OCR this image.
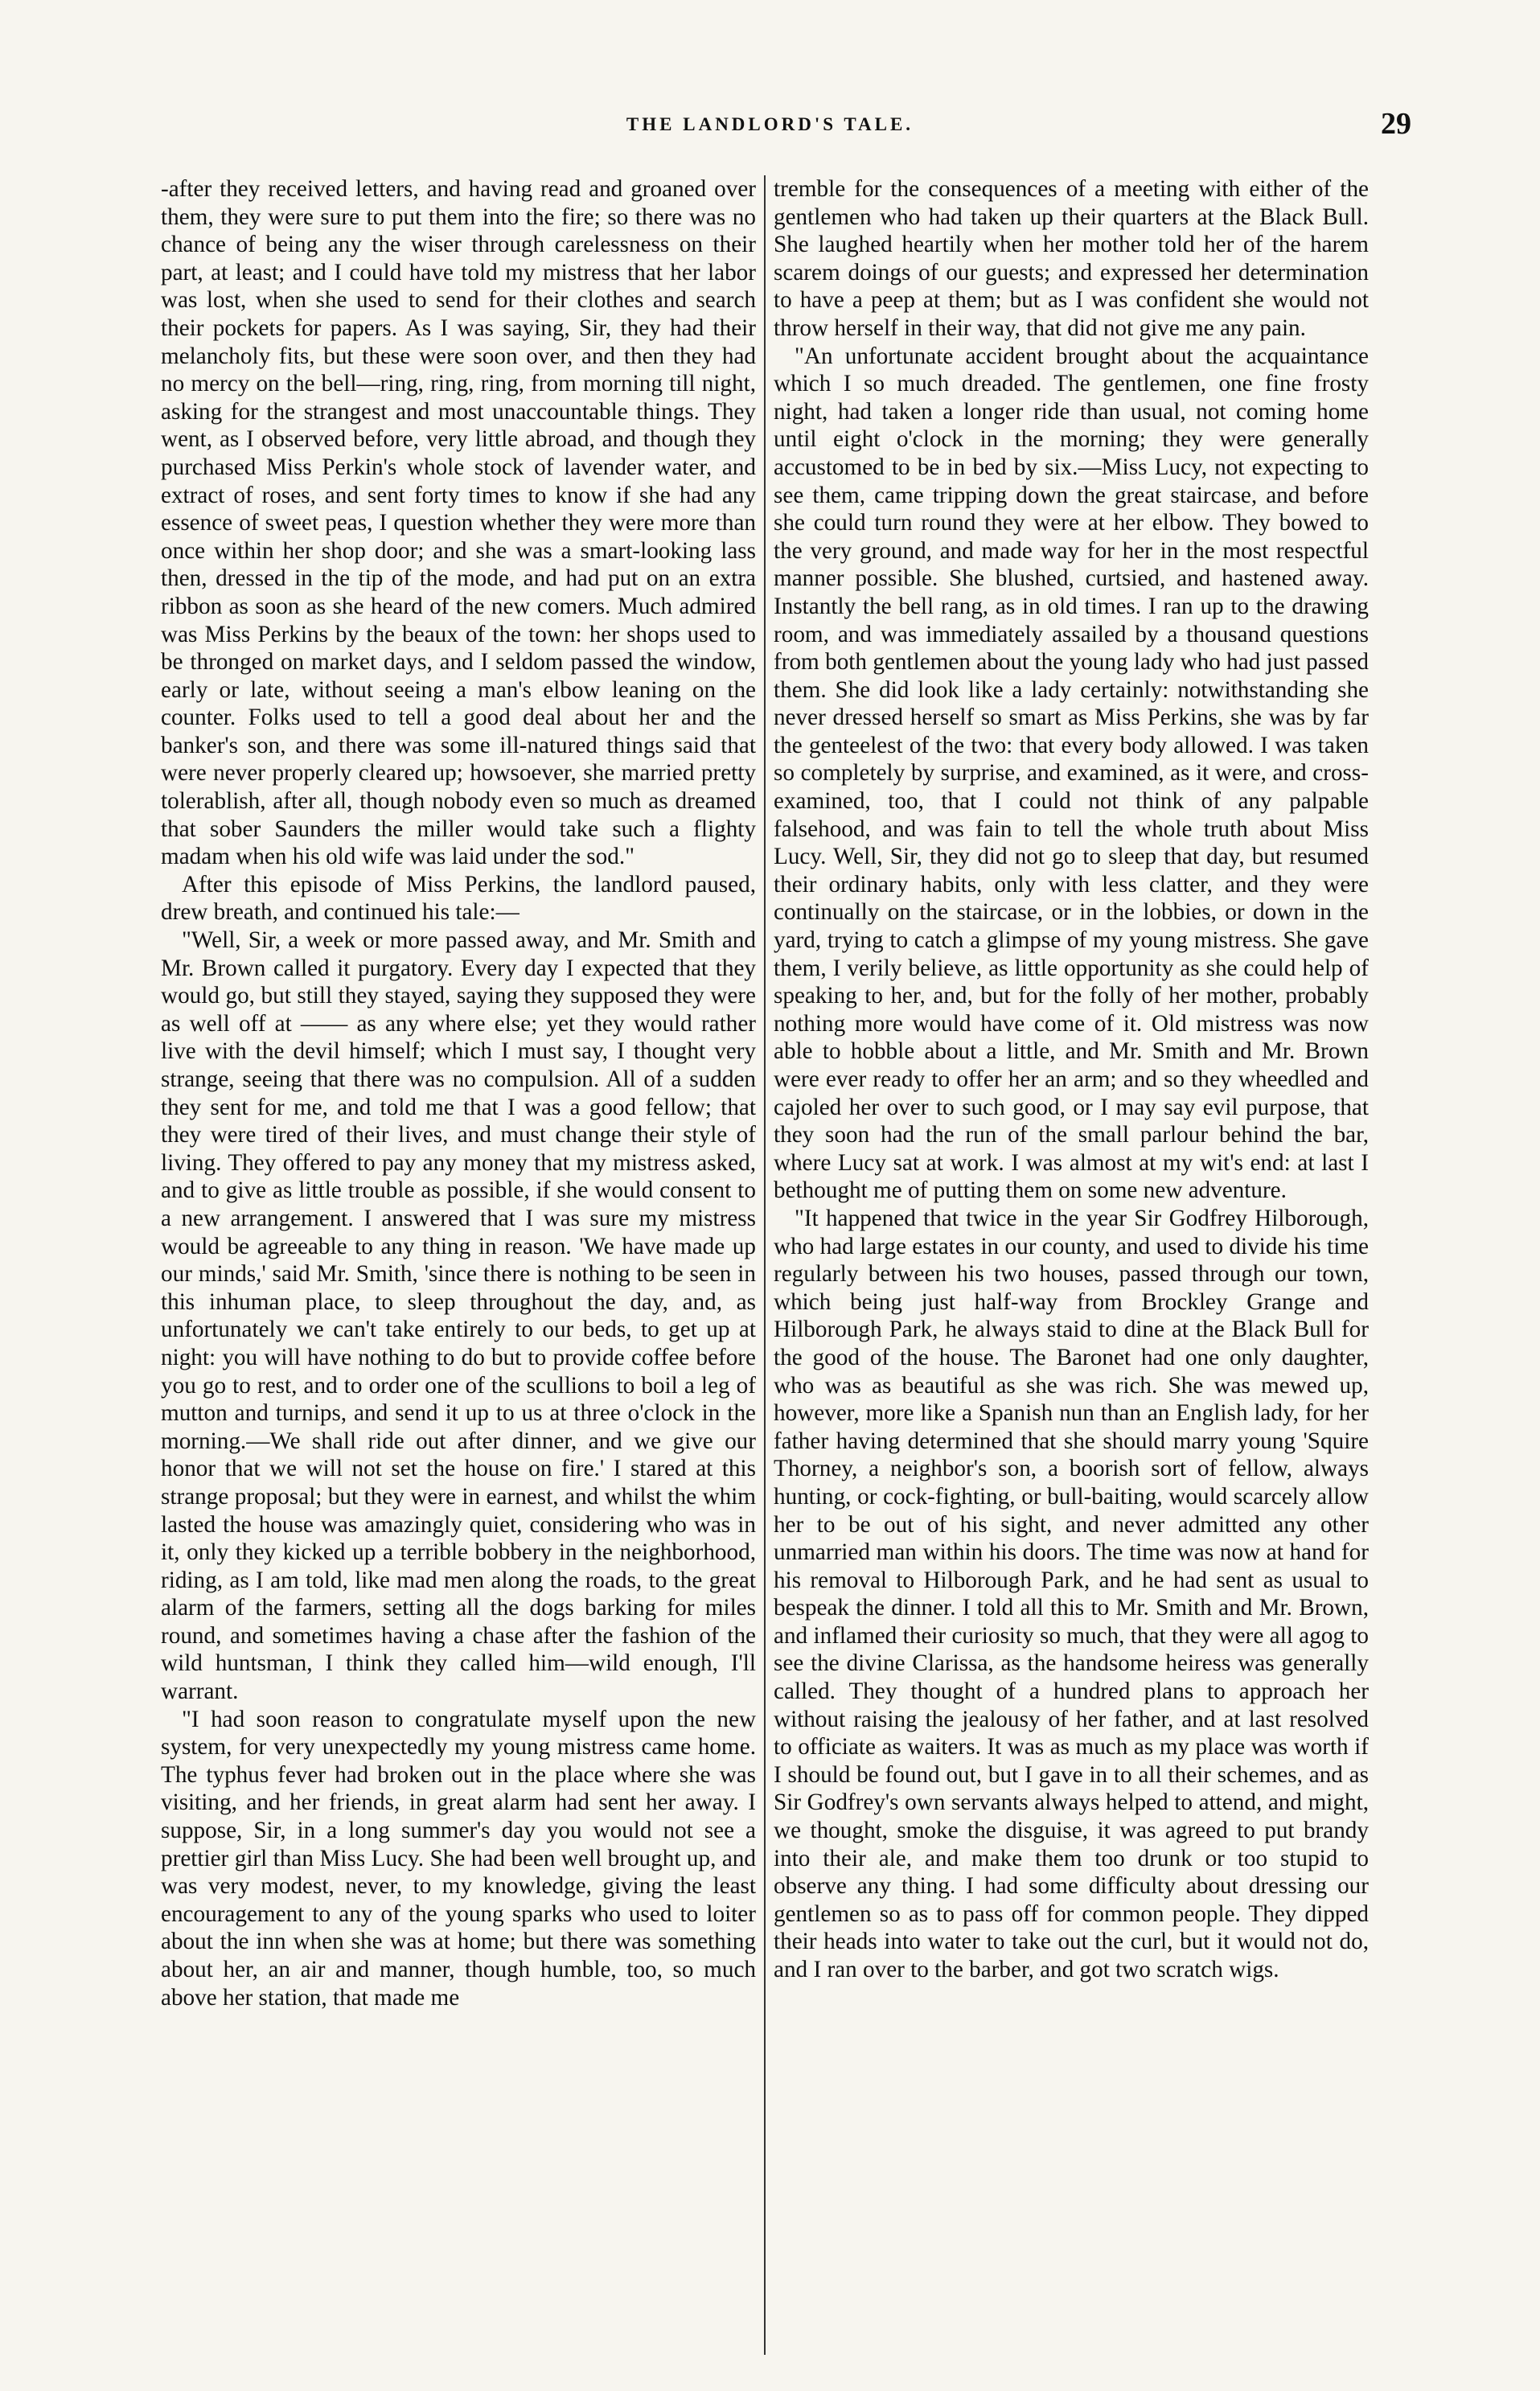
THE LANDLORD'S TALE.	29

-after they received letters, and having read and groaned over them, they were sure to put them into the fire; so there was no chance of being any the wiser through carelessness on their part, at least; and I could have told my mistress that her labor was lost, when she used to send for their clothes and search their pockets for papers. As I was saying, Sir, they had their melancholy fits, but these were soon over, and then they had no mercy on the bell—ring, ring, ring, from morning till night, asking for the strangest and most unaccountable things. They went, as I observed before, very little abroad, and though they purchased Miss Perkin's whole stock of lavender water, and extract of roses, and sent forty times to know if she had any essence of sweet peas, I question whether they were more than once within her shop door; and she was a smart-looking lass then, dressed in the tip of the mode, and had put on an extra ribbon as soon as she heard of the new comers. Much admired was Miss Perkins by the beaux of the town: her shops used to be thronged on market days, and I seldom passed the window, early or late, without seeing a man's elbow leaning on the counter. Folks used to tell a good deal about her and the banker's son, and there was some ill-natured things said that were never properly cleared up; howsoever, she married pretty tolerablish, after all, though nobody even so much as dreamed that sober Saunders the miller would take such a flighty madam when his old wife was laid under the sod."

After this episode of Miss Perkins, the landlord paused, drew breath, and continued his tale:—

"Well, Sir, a week or more passed away, and Mr. Smith and Mr. Brown called it purgatory. Every day I expected that they would go, but still they stayed, saying they supposed they were as well off at —— as any where else; yet they would rather live with the devil himself; which I must say, I thought very strange, seeing that there was no compulsion. All of a sudden they sent for me, and told me that I was a good fellow; that they were tired of their lives, and must change their style of living. They offered to pay any money that my mistress asked, and to give as little trouble as possible, if she would consent to a new arrangement. I answered that I was sure my mistress would be agreeable to any thing in reason. 'We have made up our minds,' said Mr. Smith, 'since there is nothing to be seen in this inhuman place, to sleep throughout the day, and, as unfortunately we can't take entirely to our beds, to get up at night: you will have nothing to do but to provide coffee before you go to rest, and to order one of the scullions to boil a leg of mutton and turnips, and send it up to us at three o'clock in the morning.—We shall ride out after dinner, and we give our honor that we will not set the house on fire.' I stared at this strange proposal; but they were in earnest, and whilst the whim lasted the house was amazingly quiet, considering who was in it, only they kicked up a terrible bobbery in the neighborhood, riding, as I am told, like mad men along the roads, to the great alarm of the farmers, setting all the dogs barking for miles round, and sometimes having a chase after the fashion of the wild huntsman, I think they called him—wild enough, I'll warrant.

"I had soon reason to congratulate myself upon the new system, for very unexpectedly my young mistress came home. The typhus fever had broken out in the place where she was visiting, and her friends, in great alarm had sent her away. I suppose, Sir, in a long summer's day you would not see a prettier girl than Miss Lucy. She had been well brought up, and was very modest, never, to my knowledge, giving the least encouragement to any of the young sparks who used to loiter about the inn when she was at home; but there was something about her, an air and manner, though humble, too, so much above her station, that made me

tremble for the consequences of a meeting with either of the gentlemen who had taken up their quarters at the Black Bull. She laughed heartily when her mother told her of the harem scarem doings of our guests; and expressed her determination to have a peep at them; but as I was confident she would not throw herself in their way, that did not give me any pain.

"An unfortunate accident brought about the acquaintance which I so much dreaded. The gentlemen, one fine frosty night, had taken a longer ride than usual, not coming home until eight o'clock in the morning; they were generally accustomed to be in bed by six.—Miss Lucy, not expecting to see them, came tripping down the great staircase, and before she could turn round they were at her elbow. They bowed to the very ground, and made way for her in the most respectful manner possible. She blushed, curtsied, and hastened away. Instantly the bell rang, as in old times. I ran up to the drawing room, and was immediately assailed by a thousand questions from both gentlemen about the young lady who had just passed them. She did look like a lady certainly: notwithstanding she never dressed herself so smart as Miss Perkins, she was by far the genteelest of the two: that every body allowed. I was taken so completely by surprise, and examined, as it were, and cross-examined, too, that I could not think of any palpable falsehood, and was fain to tell the whole truth about Miss Lucy. Well, Sir, they did not go to sleep that day, but resumed their ordinary habits, only with less clatter, and they were continually on the staircase, or in the lobbies, or down in the yard, trying to catch a glimpse of my young mistress. She gave them, I verily believe, as little opportunity as she could help of speaking to her, and, but for the folly of her mother, probably nothing more would have come of it. Old mistress was now able to hobble about a little, and Mr. Smith and Mr. Brown were ever ready to offer her an arm; and so they wheedled and cajoled her over to such good, or I may say evil purpose, that they soon had the run of the small parlour behind the bar, where Lucy sat at work. I was almost at my wit's end: at last I bethought me of putting them on some new adventure.

"It happened that twice in the year Sir Godfrey Hilborough, who had large estates in our county, and used to divide his time regularly between his two houses, passed through our town, which being just half-way from Brockley Grange and Hilborough Park, he always staid to dine at the Black Bull for the good of the house. The Baronet had one only daughter, who was as beautiful as she was rich. She was mewed up, however, more like a Spanish nun than an English lady, for her father having determined that she should marry young 'Squire Thorney, a neighbor's son, a boorish sort of fellow, always hunting, or cock-fighting, or bull-baiting, would scarcely allow her to be out of his sight, and never admitted any other unmarried man within his doors. The time was now at hand for his removal to Hilborough Park, and he had sent as usual to bespeak the dinner. I told all this to Mr. Smith and Mr. Brown, and inflamed their curiosity so much, that they were all agog to see the divine Clarissa, as the handsome heiress was generally called. They thought of a hundred plans to approach her without raising the jealousy of her father, and at last resolved to officiate as waiters. It was as much as my place was worth if I should be found out, but I gave in to all their schemes, and as Sir Godfrey's own servants always helped to attend, and might, we thought, smoke the disguise, it was agreed to put brandy into their ale, and make them too drunk or too stupid to observe any thing. I had some difficulty about dressing our gentlemen so as to pass off for common people. They dipped their heads into water to take out the curl, but it would not do, and I ran over to the barber, and got two scratch wigs.
